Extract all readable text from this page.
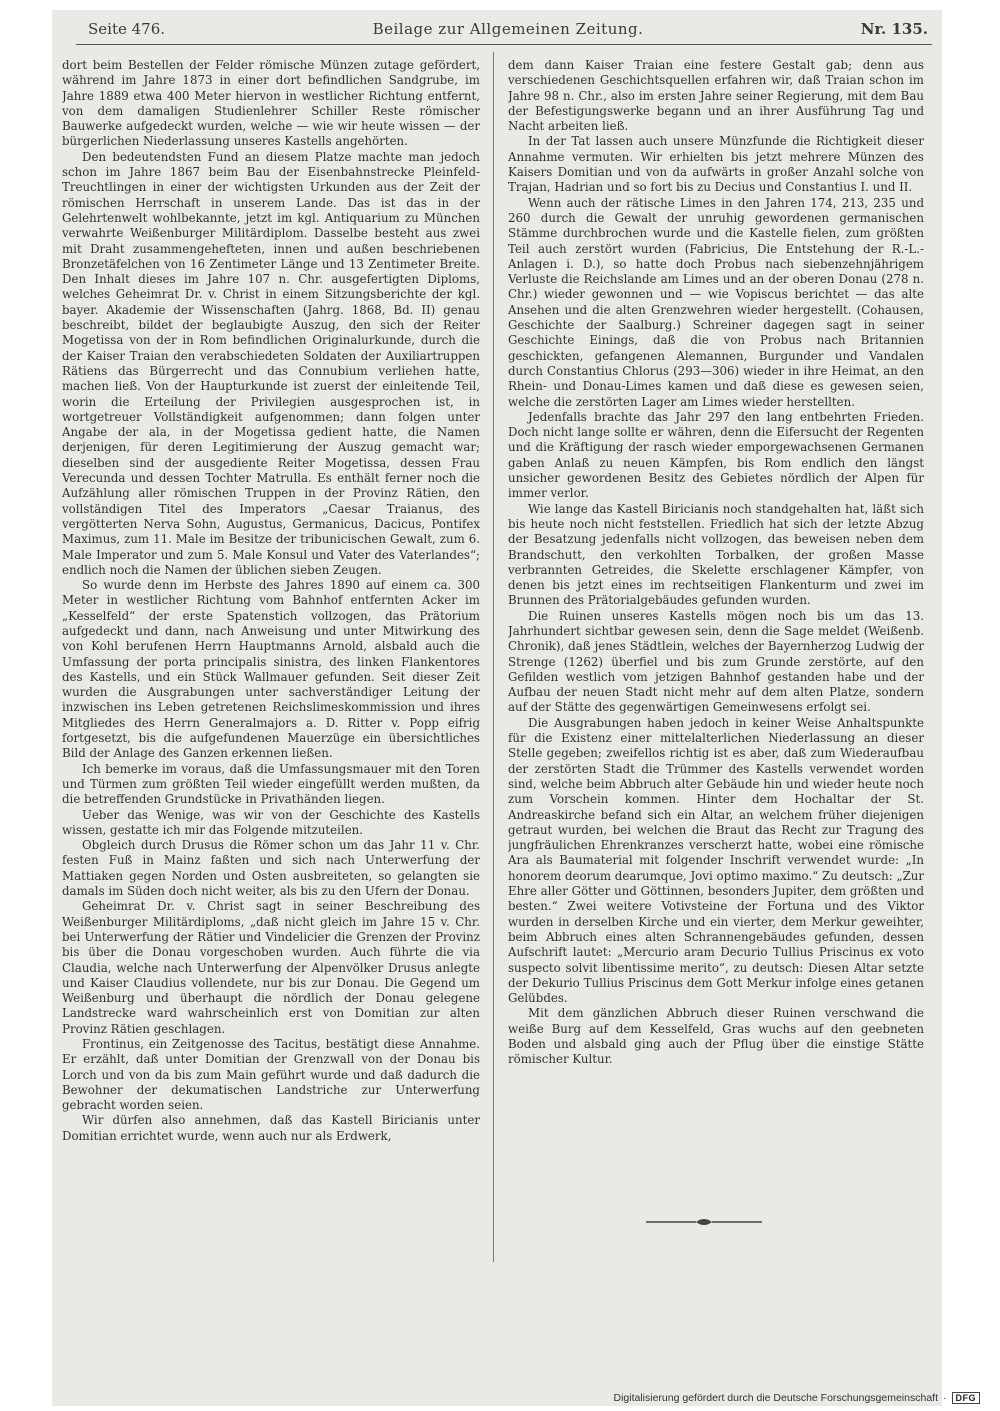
Seite 476.	Beilage zur Allgemeinen Zeitung.	Nr. 135.

dort beim Bestellen der Felder römische Münzen zutage gefördert, während im Jahre 1873 in einer dort befindlichen Sandgrube, im Jahre 1889 etwa 400 Meter hiervon in westlicher Richtung entfernt, von dem damaligen Studienlehrer Schiller Reste römischer Bauwerke aufgedeckt wurden, welche — wie wir heute wissen — der bürgerlichen Niederlassung unseres Kastells angehörten.

Den bedeutendsten Fund an diesem Platze machte man jedoch schon im Jahre 1867 beim Bau der Eisenbahnstrecke Pleinfeld-Treuchtlingen in einer der wichtigsten Urkunden aus der Zeit der römischen Herrschaft in unserem Lande. Das ist das in der Gelehrtenwelt wohlbekannte, jetzt im kgl. Antiquarium zu München verwahrte Weißenburger Militärdiplom. Dasselbe besteht aus zwei mit Draht zusammengehefteten, innen und außen beschriebenen Bronzetäfelchen von 16 Zentimeter Länge und 13 Zentimeter Breite. Den Inhalt dieses im Jahre 107 n. Chr. ausgefertigten Diploms, welches Geheimrat Dr. v. Christ in einem Sitzungsberichte der kgl. bayer. Akademie der Wissenschaften (Jahrg. 1868, Bd. II) genau beschreibt, bildet der beglaubigte Auszug, den sich der Reiter Mogetissa von der in Rom befindlichen Originalurkunde, durch die der Kaiser Traian den verabschiedeten Soldaten der Auxiliartruppen Rätiens das Bürgerrecht und das Connubium verliehen hatte, machen ließ. Von der Haupturkunde ist zuerst der einleitende Teil, worin die Erteilung der Privilegien ausgesprochen ist, in wortgetreuer Vollständigkeit aufgenommen; dann folgen unter Angabe der ala, in der Mogetissa gedient hatte, die Namen derjenigen, für deren Legitimierung der Auszug gemacht war; dieselben sind der ausgediente Reiter Mogetissa, dessen Frau Verecunda und dessen Tochter Matrulla. Es enthält ferner noch die Aufzählung aller römischen Truppen in der Provinz Rätien, den vollständigen Titel des Imperators „Caesar Traianus, des vergötterten Nerva Sohn, Augustus, Germanicus, Dacicus, Pontifex Maximus, zum 11. Male im Besitze der tribunicischen Gewalt, zum 6. Male Imperator und zum 5. Male Konsul und Vater des Vaterlandes“; endlich noch die Namen der üblichen sieben Zeugen.

So wurde denn im Herbste des Jahres 1890 auf einem ca. 300 Meter in westlicher Richtung vom Bahnhof entfernten Acker im „Kesselfeld“ der erste Spatenstich vollzogen, das Prätorium aufgedeckt und dann, nach Anweisung und unter Mitwirkung des von Kohl berufenen Herrn Hauptmanns Arnold, alsbald auch die Umfassung der porta principalis sinistra, des linken Flankentores des Kastells, und ein Stück Wallmauer gefunden. Seit dieser Zeit wurden die Ausgrabungen unter sachverständiger Leitung der inzwischen ins Leben getretenen Reichslimeskommission und ihres Mitgliedes des Herrn Generalmajors a. D. Ritter v. Popp eifrig fortgesetzt, bis die aufgefundenen Mauerzüge ein übersichtliches Bild der Anlage des Ganzen erkennen ließen.

Ich bemerke im voraus, daß die Umfassungsmauer mit den Toren und Türmen zum größten Teil wieder eingefüllt werden mußten, da die betreffenden Grundstücke in Privathänden liegen.

Ueber das Wenige, was wir von der Geschichte des Kastells wissen, gestatte ich mir das Folgende mitzuteilen.

Obgleich durch Drusus die Römer schon um das Jahr 11 v. Chr. festen Fuß in Mainz faßten und sich nach Unterwerfung der Mattiaken gegen Norden und Osten ausbreiteten, so gelangten sie damals im Süden doch nicht weiter, als bis zu den Ufern der Donau.

Geheimrat Dr. v. Christ sagt in seiner Beschreibung des Weißenburger Militärdiploms, „daß nicht gleich im Jahre 15 v. Chr. bei Unterwerfung der Rätier und Vindelicier die Grenzen der Provinz bis über die Donau vorgeschoben wurden. Auch führte die via Claudia, welche nach Unterwerfung der Alpenvölker Drusus anlegte und Kaiser Claudius vollendete, nur bis zur Donau. Die Gegend um Weißenburg und überhaupt die nördlich der Donau gelegene Landstrecke ward wahrscheinlich erst von Domitian zur alten Provinz Rätien geschlagen.

Frontinus, ein Zeitgenosse des Tacitus, bestätigt diese Annahme. Er erzählt, daß unter Domitian der Grenzwall von der Donau bis Lorch und von da bis zum Main geführt wurde und daß dadurch die Bewohner der dekumatischen Landstriche zur Unterwerfung gebracht worden seien.

Wir dürfen also annehmen, daß das Kastell Biricianis unter Domitian errichtet wurde, wenn auch nur als Erdwerk,

dem dann Kaiser Traian eine festere Gestalt gab; denn aus verschiedenen Geschichtsquellen erfahren wir, daß Traian schon im Jahre 98 n. Chr., also im ersten Jahre seiner Regierung, mit dem Bau der Befestigungswerke begann und an ihrer Ausführung Tag und Nacht arbeiten ließ.

In der Tat lassen auch unsere Münzfunde die Richtigkeit dieser Annahme vermuten. Wir erhielten bis jetzt mehrere Münzen des Kaisers Domitian und von da aufwärts in großer Anzahl solche von Trajan, Hadrian und so fort bis zu Decius und Constantius I. und II.

Wenn auch der rätische Limes in den Jahren 174, 213, 235 und 260 durch die Gewalt der unruhig gewordenen germanischen Stämme durchbrochen wurde und die Kastelle fielen, zum größten Teil auch zerstört wurden (Fabricius, Die Entstehung der R.-L.-Anlagen i. D.), so hatte doch Probus nach siebenzehnjährigem Verluste die Reichslande am Limes und an der oberen Donau (278 n. Chr.) wieder gewonnen und — wie Vopiscus berichtet — das alte Ansehen und die alten Grenzwehren wieder hergestellt. (Cohausen, Geschichte der Saalburg.) Schreiner dagegen sagt in seiner Geschichte Einings, daß die von Probus nach Britannien geschickten, gefangenen Alemannen, Burgunder und Vandalen durch Constantius Chlorus (293—306) wieder in ihre Heimat, an den Rhein- und Donau-Limes kamen und daß diese es gewesen seien, welche die zerstörten Lager am Limes wieder herstellten.

Jedenfalls brachte das Jahr 297 den lang entbehrten Frieden. Doch nicht lange sollte er währen, denn die Eifersucht der Regenten und die Kräftigung der rasch wieder emporgewachsenen Germanen gaben Anlaß zu neuen Kämpfen, bis Rom endlich den längst unsicher gewordenen Besitz des Gebietes nördlich der Alpen für immer verlor.

Wie lange das Kastell Biricianis noch standgehalten hat, läßt sich bis heute noch nicht feststellen. Friedlich hat sich der letzte Abzug der Besatzung jedenfalls nicht vollzogen, das beweisen neben dem Brandschutt, den verkohlten Torbalken, der großen Masse verbrannten Getreides, die Skelette erschlagener Kämpfer, von denen bis jetzt eines im rechtseitigen Flankenturm und zwei im Brunnen des Prätorialgebäudes gefunden wurden.

Die Ruinen unseres Kastells mögen noch bis um das 13. Jahrhundert sichtbar gewesen sein, denn die Sage meldet (Weißenb. Chronik), daß jenes Städtlein, welches der Bayernherzog Ludwig der Strenge (1262) überfiel und bis zum Grunde zerstörte, auf den Gefilden westlich vom jetzigen Bahnhof gestanden habe und der Aufbau der neuen Stadt nicht mehr auf dem alten Platze, sondern auf der Stätte des gegenwärtigen Gemeinwesens erfolgt sei.

Die Ausgrabungen haben jedoch in keiner Weise Anhaltspunkte für die Existenz einer mittelalterlichen Niederlassung an dieser Stelle gegeben; zweifellos richtig ist es aber, daß zum Wiederaufbau der zerstörten Stadt die Trümmer des Kastells verwendet worden sind, welche beim Abbruch alter Gebäude hin und wieder heute noch zum Vorschein kommen. Hinter dem Hochaltar der St. Andreaskirche befand sich ein Altar, an welchem früher diejenigen getraut wurden, bei welchen die Braut das Recht zur Tragung des jungfräulichen Ehrenkranzes verscherzt hatte, wobei eine römische Ara als Baumaterial mit folgender Inschrift verwendet wurde: „In honorem deorum dearumque, Jovi optimo maximo.“ Zu deutsch: „Zur Ehre aller Götter und Göttinnen, besonders Jupiter, dem größten und besten.“ Zwei weitere Votivsteine der Fortuna und des Viktor wurden in derselben Kirche und ein vierter, dem Merkur geweihter, beim Abbruch eines alten Schrannengebäudes gefunden, dessen Aufschrift lautet: „Mercurio aram Decurio Tullius Priscinus ex voto suspecto solvit libentissime merito“, zu deutsch: Diesen Altar setzte der Dekurio Tullius Priscinus dem Gott Merkur infolge eines getanen Gelübdes.

Mit dem gänzlichen Abbruch dieser Ruinen verschwand die weiße Burg auf dem Kesselfeld, Gras wuchs auf den geebneten Boden und alsbald ging auch der Pflug über die einstige Stätte römischer Kultur.

Digitalisierung gefördert durch die Deutsche Forschungsgemeinschaft ·	DFG
